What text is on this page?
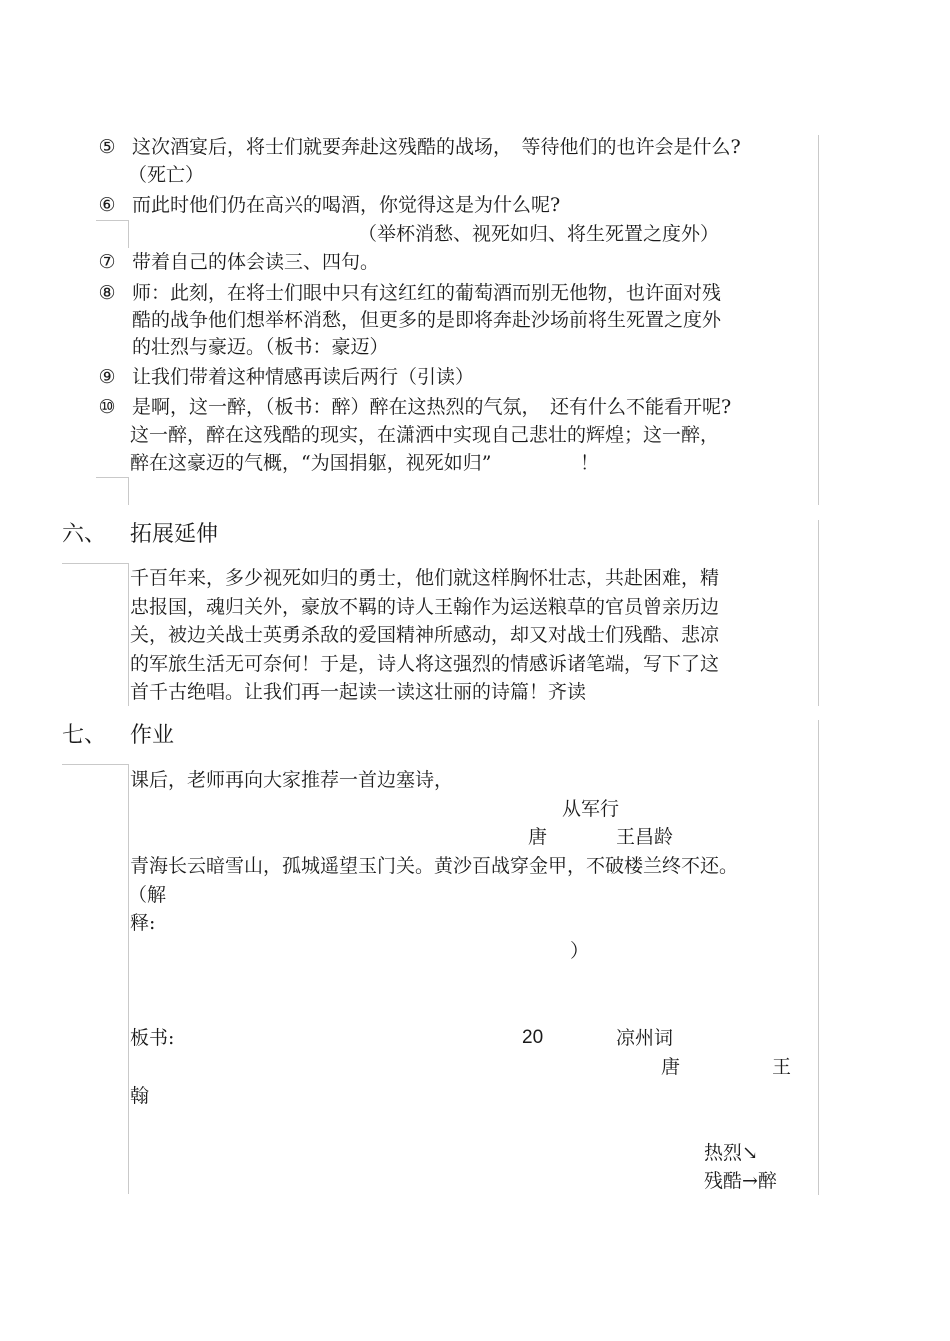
⑤ 这次酒宴后，将士们就要奔赴这残酷的战场，　等待他们的也许会是什么?
（死亡）
⑥ 而此时他们仍在高兴的喝酒，你觉得这是为什么呢?
（举杯消愁、视死如归、将生死置之度外）
⑦ 带着自己的体会读三、四句。
⑧ 师：此刻，在将士们眼中只有这红红的葡萄酒而别无他物，也许面对残
酷的战争他们想举杯消愁，但更多的是即将奔赴沙场前将生死置之度外
的壮烈与豪迈。（板书：豪迈）
⑨ 让我们带着这种情感再读后两行（引读）
⑩ 是啊，这一醉，（板书：醉）醉在这热烈的气氛，　还有什么不能看开呢?
这一醉，醉在这残酷的现实，在潇洒中实现自己悲壮的辉煌；这一醉，
醉在这豪迈的气概，“为国捐躯，视死如归”	！
六、 拓展延伸
千百年来，多少视死如归的勇士，他们就这样胸怀壮志，共赴困难，精
忠报国，魂归关外，豪放不羁的诗人王翰作为运送粮草的官员曾亲历边
关，被边关战士英勇杀敌的爱国精神所感动，却又对战士们残酷、悲凉
的军旅生活无可奈何！于是，诗人将这强烈的情感诉诸笔端，写下了这
首千古绝唱。让我们再一起读一读这壮丽的诗篇！齐读
七、 作业
课后，老师再向大家推荐一首边塞诗，
从军行
唐	王昌龄
青海长云暗雪山，孤城遥望玉门关。黄沙百战穿金甲，不破楼兰终不还。
（解
释:
）
板书:	20	凉州词
唐	王
翰
热烈↘
残酷→醉
